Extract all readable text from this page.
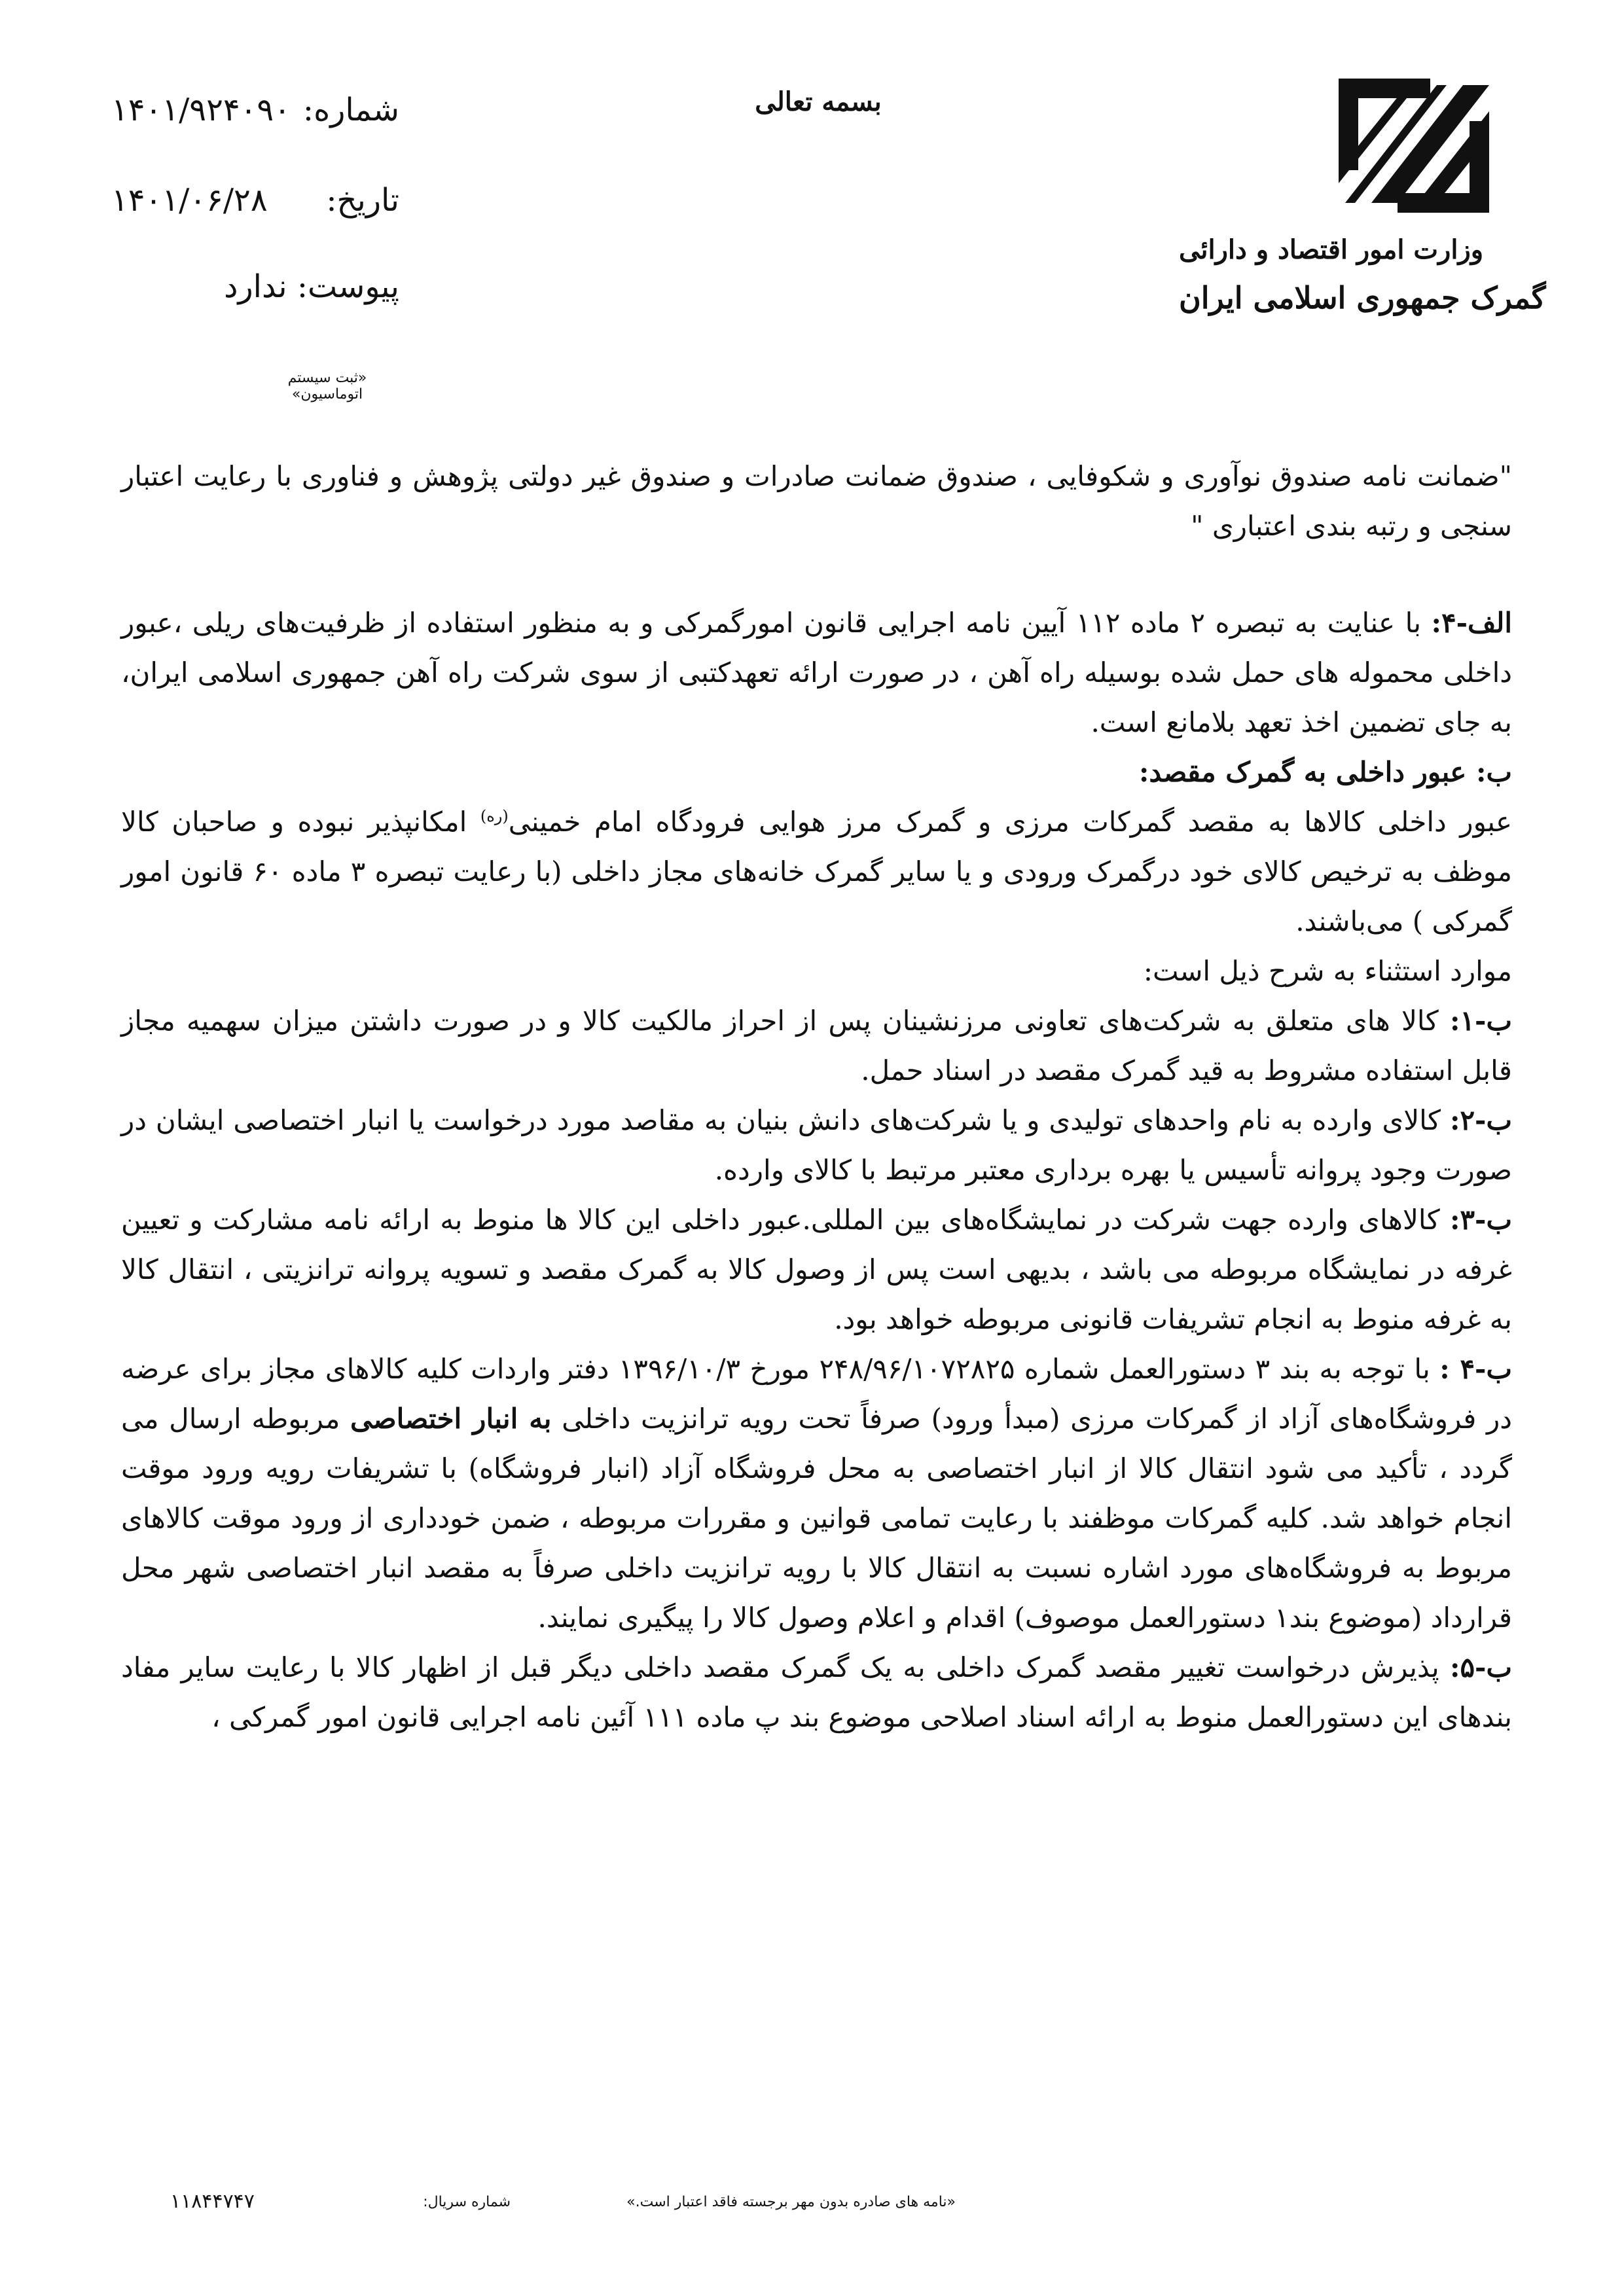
وزارت امور اقتصاد و دارائی
گمرک جمهوری اسلامی ایران
بسمه تعالی
شماره:
۱۴۰۱/۹۲۴۰۹۰
تاریخ:
۱۴۰۱/۰۶/۲۸
پیوست: ندارد
«ثبت سیستم اتوماسیون»

"ضمانت نامه صندوق نوآوری و شکوفایی ، صندوق ضمانت صادرات و صندوق غیر دولتی پژوهش و فناوری با رعایت اعتبار سنجی و رتبه بندی اعتباری "

الف-۴: با عنایت به تبصره ۲ ماده ۱۱۲ آیین نامه اجرایی قانون امورگمرکی و به منظور استفاده از ظرفیت‌های ریلی ،عبور داخلی محموله های حمل شده بوسیله راه آهن ، در صورت ارائه تعهدکتبی از سوی شرکت راه آهن جمهوری اسلامی ایران، به جای تضمین اخذ تعهد بلامانع است.

ب: عبور داخلی به گمرک مقصد:

عبور داخلی کالاها به مقصد گمرکات مرزی و گمرک مرز هوایی فرودگاه امام خمینی$^{(ره)}$ امکانپذیر نبوده و صاحبان کالا موظف به ترخیص کالای خود درگمرک ورودی و یا سایر گمرک خانه‌های مجاز داخلی (با رعایت تبصره ۳ ماده ۶۰ قانون امور گمرکی ) می‌باشند.

موارد استثناء به شرح ذیل است:

ب-۱: کالا های متعلق به شرکت‌های تعاونی مرزنشینان پس از احراز مالکیت کالا و در صورت داشتن میزان سهمیه مجاز قابل استفاده مشروط به قید گمرک مقصد در اسناد حمل.

ب-۲: کالای وارده به نام واحدهای تولیدی و یا شرکت‌های دانش بنیان به مقاصد مورد درخواست یا انبار اختصاصی ایشان در صورت وجود پروانه تأسیس یا بهره برداری معتبر مرتبط با کالای وارده.

ب-۳: کالاهای وارده جهت شرکت در نمایشگاه‌های بین المللی.عبور داخلی این کالا ها منوط به ارائه نامه مشارکت و تعیین غرفه در نمایشگاه مربوطه می باشد ، بدیهی است پس از وصول کالا به گمرک مقصد و تسویه پروانه ترانزیتی ، انتقال کالا به غرفه منوط به انجام تشریفات قانونی مربوطه خواهد بود.

ب-۴ : با توجه به بند ۳ دستورالعمل شماره ۲۴۸/۹۶/۱۰۷۲۸۲۵ مورخ ۱۳۹۶/۱۰/۳ دفتر واردات کلیه کالاهای مجاز برای عرضه در فروشگاه‌های آزاد از گمرکات مرزی (مبدأ ورود) صرفاً تحت رویه ترانزیت داخلی به انبار اختصاصی مربوطه ارسال می گردد ، تأکید می شود انتقال کالا از انبار اختصاصی به محل فروشگاه آزاد (انبار فروشگاه) با تشریفات رویه ورود موقت انجام خواهد شد. کلیه گمرکات موظفند با رعایت تمامی قوانین و مقررات مربوطه ، ضمن خودداری از ورود موقت کالاهای مربوط به فروشگاه‌های مورد اشاره نسبت به انتقال کالا با رویه ترانزیت داخلی صرفاً به مقصد انبار اختصاصی شهر محل قرارداد (موضوع بند۱ دستورالعمل موصوف) اقدام و اعلام وصول کالا را پیگیری نمایند.

ب-۵: پذیرش درخواست تغییر مقصد گمرک داخلی به یک گمرک مقصد داخلی دیگر قبل از اظهار کالا با رعایت سایر مفاد بندهای این دستورالعمل منوط به ارائه اسناد اصلاحی موضوع بند پ ماده ۱۱۱ آئین نامه اجرایی قانون امور گمرکی ،

«نامه های صادره بدون مهر برجسته فاقد اعتبار است.»
شماره سریال:
۱۱۸۴۴۷۴۷
